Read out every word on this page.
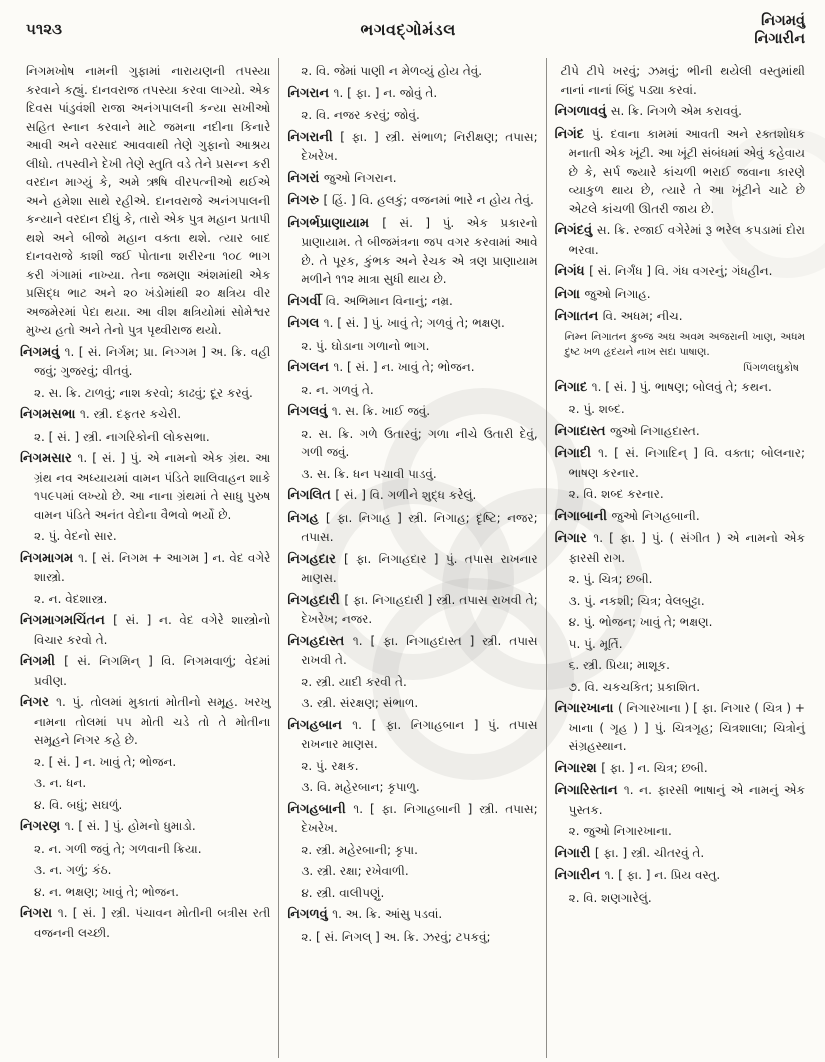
૫૧૨૩	ભગવદ્ગોમંડલ	નિગમવું
નિગારીન

નિગમખોષ નામની ગુફામાં નારાયણની તપસ્યા કરવાને કહ્યું. દાનવરાજ તપસ્યા કરવા લાગ્યો. એક દિવસ પાંડુવંશી રાજા અનંગપાલની કન્યા સખીઓ સહિત સ્નાન કરવાને માટે જમના નદીના કિનારે આવી અને વરસાદ આવવાથી તેણે ગુફાનો આશ્રય લીધો. તપસ્વીને દેખી તેણે સ્તુતિ વડે તેને પ્રસન્ન કરી વરદાન માગ્યું કે, અમે ઋષિ વીરપત્નીઓ થઈએ અને હમેશા સાથે રહીએ. દાનવરાજે અનંગપાલની કન્યાને વરદાન દીધું કે, તારો એક પુત્ર મહાન પ્રતાપી થશે અને બીજો મહાન વક્તા થશે. ત્યાર બાદ દાનવરાજે કાશી જઈ પોતાના શરીરના ૧૦૮ ભાગ કરી ગંગામાં નાખ્યા. તેના જમણા અંશમાંથી એક પ્રસિદ્ધ ભાટ અને ૨૦ ખંડોમાંથી ૨૦ ક્ષત્રિય વીર અજમેરમાં પેદા થયા. આ વીશ ક્ષત્રિયોમાં સોમેશ્વર મુખ્ય હતો અને તેનો પુત્ર પૃથ્વીરાજ થયો.

નિગમવું ૧. [ સં. નિર્ગમ; પ્રા. નિગ્ગમ ] અ. ક્રિ. વહી જવું; ગુજરવું; વીતવું.

૨. સ. ક્રિ. ટાળવું; નાશ કરવો; કાઢવું; દૂર કરવું.

નિગમસભા ૧. સ્ત્રી. દફતર કચેરી.

૨. [ સં. ] સ્ત્રી. નાગરિકોની લોકસભા.

નિગમસાર ૧. [ સં. ] પું. એ નામનો એક ગ્રંથ. આ ગ્રંથ નવ અધ્યાયમાં વામન પંડિતે શાલિવાહન શાકે ૧૫૯૫માં લખ્યો છે. આ નાના ગ્રંથમાં તે સાધુ પુરુષ વામન પંડિતે અનંત વેદોના વૈભવો ભર્યો છે.

૨. પું. વેદનો સાર.

નિગમાગમ ૧. [ સં. નિગમ + આગમ ] ન. વેદ વગેરે શાસ્ત્રો.

૨. ન. વેદશાસ્ત્ર.

નિગમાગમચિંતન [ સં. ] ન. વેદ વગેરે શાસ્ત્રોનો વિચાર કરવો તે.

નિગમી [ સં. નિગમિન્ ] વિ. નિગમવાળું; વેદમાં પ્રવીણ.

નિગર ૧. પું. તોલમાં મુકાતાં મોતીનો સમૂહ. ખરખુ નામના તોલમાં ૫૫ મોતી ચડે તો તે મોતીના સમૂહને નિગર કહે છે.

૨. [ સં. ] ન. ખાવું તે; ભોજન.

૩. ન. ધન.

૪. વિ. બધું; સઘળું.

નિગરણ ૧. [ સં. ] પું. હોમનો ધુમાડો.

૨. ન. ગળી જવું તે; ગળવાની ક્રિયા.

૩. ન. ગળું; કંઠ.

૪. ન. ભક્ષણ; ખાવું તે; ભોજન.

નિગરા ૧. [ સં. ] સ્ત્રી. પંચાવન મોતીની બત્રીસ રતી વજનની લચ્છી.

૨. વિ. જેમાં પાણી ન મેળવ્યું હોય તેવું.

નિગરાન ૧. [ ફા. ] ન. જોવું તે.

૨. વિ. નજર કરવું; જોવું.

નિગરાની [ ફા. ] સ્ત્રી. સંભાળ; નિરીક્ષણ; તપાસ; દેખરેખ.

નિગરાં જુઓ નિગરાન.

નિગરુ [ હિં. ] વિ. હલકું; વજનમાં ભારે ન હોય તેવું.

નિગર્ભપ્રાણાયામ [ સં. ] પું. એક પ્રકારનો પ્રાણાયામ. તે બીજમંત્રના જપ વગર કરવામાં આવે છે. તે પૂરક, કુંભક અને રેચક એ ત્રણ પ્રાણાયામ મળીને ૧૧૨ માત્રા સુધી થાય છે.

નિગર્વી વિ. અભિમાન વિનાનું; નમ્ર.

નિગલ ૧. [ સં. ] પું. ખાવું તે; ગળવું તે; ભક્ષણ.

૨. પું. ઘોડાના ગળાનો ભાગ.

નિગલન ૧. [ સં. ] ન. ખાવું તે; ભોજન.

૨. ન. ગળવું તે.

નિગલવું ૧. સ. ક્રિ. ખાઈ જવું.

૨. સ. ક્રિ. ગળે ઉતારવું; ગળા નીચે ઉતારી દેવું, ગળી જવું.

૩. સ. ક્રિ. ધન પચાવી પાડવું.

નિગલિત [ સં. ] વિ. ગળીને શુદ્ધ કરેલું.

નિગહ [ ફા. નિગાહ ] સ્ત્રી. નિગાહ; દૃષ્ટિ; નજર; તપાસ.

નિગહદાર [ ફા. નિગાહદાર ] પું. તપાસ રાખનાર માણસ.

નિગહદારી [ ફા. નિગાહદારી ] સ્ત્રી. તપાસ રાખવી તે; દેખરેખ; નજર.

નિગહદાસ્ત ૧. [ ફા. નિગાહદાસ્ત ] સ્ત્રી. તપાસ રાખવી તે.

૨. સ્ત્રી. યાદી કરવી તે.

૩. સ્ત્રી. સંરક્ષણ; સંભાળ.

નિગહબાન ૧. [ ફા. નિગાહબાન ] પું. તપાસ રાખનાર માણસ.

૨. પું. રક્ષક.

૩. વિ. મહેરબાન; કૃપાળુ.

નિગહબાની ૧. [ ફા. નિગાહબાની ] સ્ત્રી. તપાસ; દેખરેખ.

૨. સ્ત્રી. મહેરબાની; કૃપા.

૩. સ્ત્રી. રક્ષા; રખેવાળી.

૪. સ્ત્રી. વાલીપણું.

નિગળવું ૧. અ. ક્રિ. આંસુ પડવાં.

૨. [ સં. નિગલ્ ] અ. ક્રિ. ઝરવું; ટપકવું;

ટીપે ટીપે ખરવું; ઝમવું; ભીની થયેલી વસ્તુમાંથી નાનાં નાનાં બિંદુ પડ્યા કરવાં.

નિગળાવવું સ. ક્રિ. નિગળે એમ કરાવવું.

નિગંદ પું. દવાના કામમાં આવતી અને રક્તશોધક મનાતી એક ખૂંટી. આ ખૂંટી સંબંધમાં એવું કહેવાય છે કે, સર્પ જ્યારે કાંચળી ભરાઈ જવાના કારણે વ્યાકુળ થાય છે, ત્યારે તે આ ખૂંટીને ચાટે છે એટલે કાંચળી ઊતરી જાય છે.

નિગંદવું સ. ક્રિ. રજાઈ વગેરેમાં રૂ ભરેલ કપડામાં દોરા ભરવા.

નિગંધ [ સં. નિર્ગંધ ] વિ. ગંધ વગરનું; ગંધહીન.

નિગા જુઓ નિગાહ.

નિગાતન વિ. અધમ; નીચ.

નિમ્ન નિગાતન કુબ્જ અઘ અવમ અજરાની ખાણ, અધમ દુષ્ટ ખળ હૃદયને નાખ સદા પાષાણ.

પિંગળલઘુકોષ

નિગાદ ૧. [ સં. ] પું. ભાષણ; બોલવું તે; કથન.

૨. પું. શબ્દ.

નિગાદાસ્ત જુઓ નિગાહદાસ્ત.

નિગાદી ૧. [ સં. નિગાદિન્ ] વિ. વક્તા; બોલનાર; ભાષણ કરનાર.

૨. વિ. શબ્દ કરનાર.

નિગાબાની જુઓ નિગહબાની.

નિગાર ૧. [ ફા. ] પું. ( સંગીત ) એ નામનો એક ફારસી રાગ.

૨. પું. ચિત્ર; છબી.

૩. પું. નકશી; ચિત્ર; વેલબુટ્ટા.

૪. પું. ભોજન; ખાવું તે; ભક્ષણ.

૫. પું. મૂર્તિ.

૬. સ્ત્રી. પ્રિયા; માશૂક.

૭. વિ. ચકચકિત; પ્રકાશિત.

નિગારખાના ( નિગારખાના ) [ ફા. નિગાર ( ચિત્ર ) + ખાના ( ગૃહ ) ] પું. ચિત્રગૃહ; ચિત્રશાલા; ચિત્રોનું સંગ્રહસ્થાન.

નિગારશ [ ફા. ] ન. ચિત્ર; છબી.

નિગારિસ્તાન ૧. ન. ફારસી ભાષાનું એ નામનું એક પુસ્તક.

૨. જુઓ નિગારખાના.

નિગારી [ ફા. ] સ્ત્રી. ચીતરવું તે.

નિગારીન ૧. [ ફા. ] ન. પ્રિય વસ્તુ.

૨. વિ. શણગારેલું.
